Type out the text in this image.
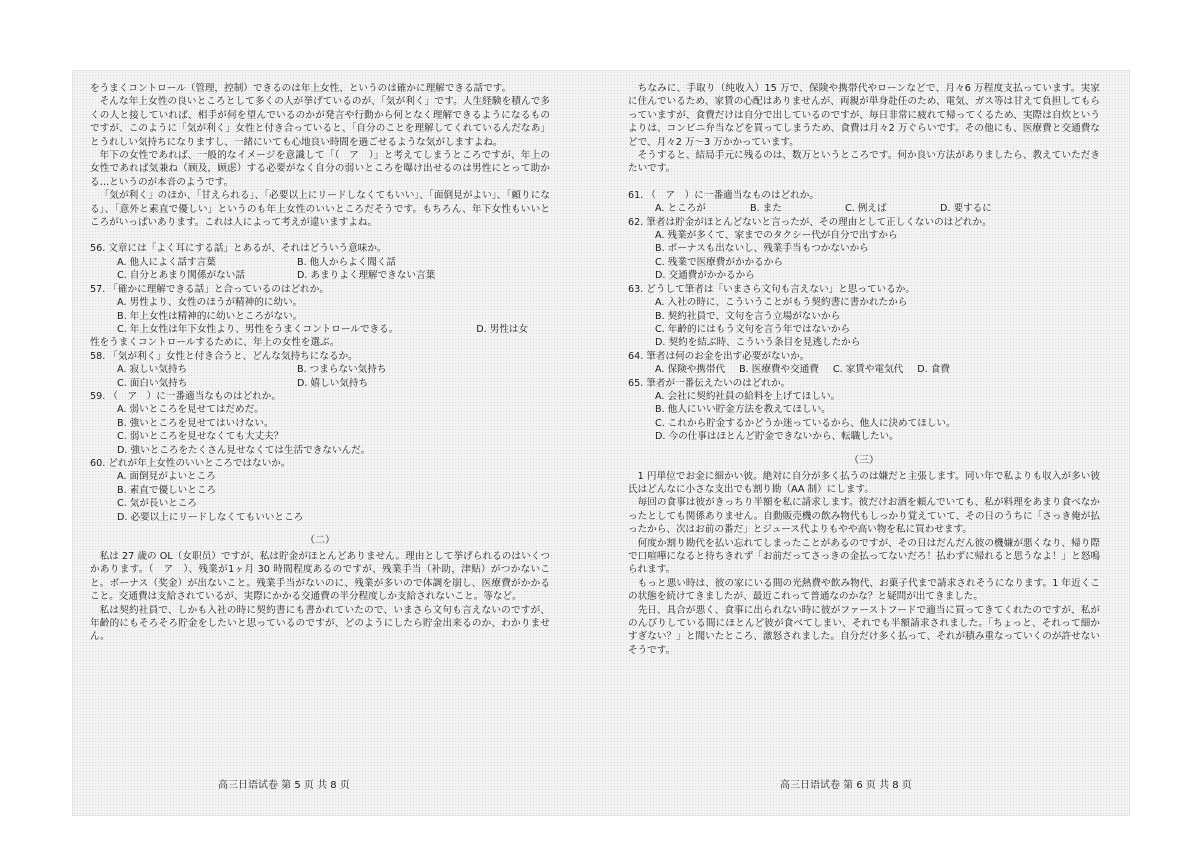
をうまくコントロール（管理，控制）できるのは年上女性、というのは確かに理解できる話です。

そんな年上女性の良いところとして多くの人が挙げているのが、「気が利く」です。人生経験を積んで多くの人と接していれば、相手が何を望んでいるのかが発言や行動から何となく理解できるようになるものですが、このように「気が利く」女性と付き合っていると、「自分のことを理解してくれているんだなあ」とうれしい気持ちになりますし、一緒にいても心地良い時間を過ごせるような気がしますよね。

年下の女性であれば、一般的なイメージを意識して「（　ア　）」と考えてしまうところですが、年上の女性であれば気兼ね（顾及，顾虑）する必要がなく自分の弱いところを曝け出せるのは男性にとって助かる…というのが本音のようです。

「気が利く」のほか、「甘えられる」、「必要以上にリードしなくてもいい」、「面倒見がよい」、「頼りになる」、「意外と素直で優しい」というのも年上女性のいいところだそうです。もちろん、年下女性もいいところがいっぱいあります。これは人によって考えが違いますよね。

56. 文章には「よく耳にする話」とあるが、それはどういう意味か。

A. 他人によく話す言葉	B. 他人からよく聞く話
C. 自分とあまり関係がない話	D. あまりよく理解できない言葉

57. 「確かに理解できる話」と合っているのはどれか。

A. 男性より、女性のほうが精神的に幼い。

B. 年上女性は精神的に幼いところがない。

C. 年上女性は年下女性より、男性をうまくコントロールできる。	D. 男性は女

性をうまくコントロールするために、年上の女性を選ぶ。

58. 「気が利く」女性と付き合うと、どんな気持ちになるか。

A. 寂しい気持ち	B. つまらない気持ち
C. 面白い気持ち	D. 嬉しい気持ち

59. （　ア　）に一番適当なものはどれか。

A. 弱いところを見せてはだめだ。

B. 強いところを見せてはいけない。

C. 弱いところを見せなくても大丈夫？

D. 強いところをたくさん見せなくては生活できないんだ。

60. どれが年上女性のいいところではないか。

A. 面倒見がよいところ

B. 素直で優しいところ

C. 気が長いところ

D. 必要以上にリードしなくてもいいところ

（二）

私は 27 歳の OL（女职员）ですが、私は貯金がほとんどありません。理由として挙げられるのはいくつかあります。（　ア　）、残業が1ヶ月 30 時間程度あるのですが、残業手当（补助，津贴）がつかないこと。ボーナス（奖金）が出ないこと。残業手当がないのに、残業が多いので体調を崩し、医療費がかかること。交通費は支給されているが、実際にかかる交通費の半分程度しか支給されないこと。等など。

私は契約社員で、しかも入社の時に契約書にも書かれていたので、いまさら文句も言えないのですが、年齢的にもそろそろ貯金をしたいと思っているのですが、どのようにしたら貯金出来るのか、わかりません。

ちなみに、手取り（纯收入）15 万で、保険や携帯代やローンなどで、月々6 万程度支払っています。実家に住んでいるため、家賃の心配はありませんが、両親が単身赴任のため、電気、ガス等は甘えて負担してもらっていますが、食費だけは自分で出しているのですが、毎日非常に疲れて帰ってくるため、実際は自炊というよりは、コンビニ弁当などを買ってしまうため、食費は月々2 万ぐらいです。その他にも、医療費と交通費などで、月々2 万～3 万かかっています。

そうすると、結局手元に残るのは、数万というところです。何か良い方法がありましたら、教えていただきたいです。

61. （　ア　）に一番適当なものはどれか。

A. ところが	B. また	C. 例えば	D. 要するに

62. 筆者は貯金がほとんどないと言ったが、その理由として正しくないのはどれか。

A. 残業が多くて、家までのタクシー代が自分で出すから

B. ボーナスも出ないし、残業手当もつかないから

C. 残業で医療費がかかるから

D. 交通費がかかるから

63. どうして筆者は「いまさら文句も言えない」と思っているか。

A. 入社の時に、こういうことがもう契約書に書かれたから

B. 契約社員で、文句を言う立場がないから

C. 年齢的にはもう文句を言う年ではないから

D. 契約を結ぶ時、こういう条目を見逃したから

64. 筆者は何のお金を出す必要がないか。

A. 保険や携帯代 B. 医療費や交通費 C. 家賃や電気代 D. 食費

65. 筆者が一番伝えたいのはどれか。

A. 会社に契約社員の給料を上げてほしい。

B. 他人にいい貯金方法を教えてほしい。

C. これから貯金するかどうか迷っているから、他人に決めてほしい。

D. 今の仕事はほとんど貯金できないから、転職したい。

（三）

1 円単位でお金に細かい彼。絶対に自分が多く払うのは嫌だと主張します。同い年で私よりも収入が多い彼氏はどんなに小さな支出でも割り勘（AA 制）にします。

毎回の食事は彼がきっちり半額を私に請求します。彼だけお酒を頼んでいても、私が料理をあまり食べなかったとしても関係ありません。自動販売機の飲み物代もしっかり覚えていて、その日のうちに「さっき俺が払ったから、次はお前の番だ」とジュース代よりもやや高い物を私に買わせます。

何度か割り勘代を払い忘れてしまったことがあるのですが、その日はだんだん彼の機嫌が悪くなり、帰り際で口喧嘩になると待ちきれず「お前だってさっきの金払ってないだろ！払わずに帰れると思うなよ！」と怒鳴られます。

もっと悪い時は、彼の家にいる間の光熱費や飲み物代、お菓子代まで請求されそうになります。1 年近くこの状態を続けてきましたが、最近これって普通なのかな？と疑問が出てきました。

先日、具合が悪く、食事に出られない時に彼がファーストフードで適当に買ってきてくれたのですが、私がのんびりしている間にほとんど彼が食べてしまい、それでも半額請求されました。「ちょっと、それって細かすぎない？」と聞いたところ、激怒されました。自分だけ多く払って、それが積み重なっていくのが許せないそうです。

高三日语试卷 第 5 页 共 8 页	高三日语试卷 第 6 页 共 8 页
